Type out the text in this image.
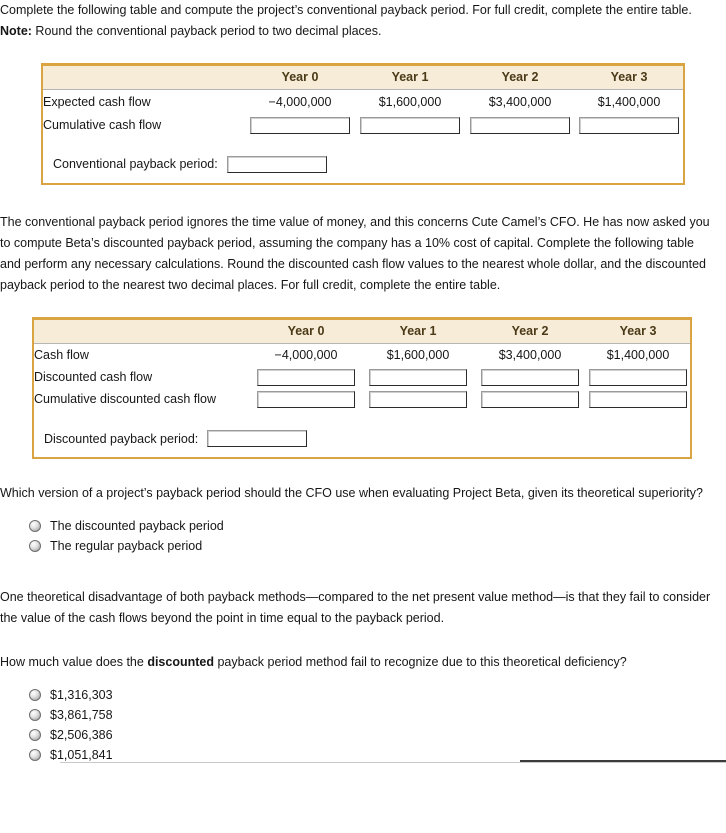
Complete the following table and compute the project’s conventional payback period. For full credit, complete the entire table. Note: Round the conventional payback period to two decimal places.

	Year 0	Year 1	Year 2	Year 3
Expected cash flow	−4,000,000	$1,600,000	$3,400,000	$1,400,000
Cumulative cash flow				
Conventional payback period:

The conventional payback period ignores the time value of money, and this concerns Cute Camel’s CFO. He has now asked you to compute Beta’s discounted payback period, assuming the company has a 10% cost of capital. Complete the following table and perform any necessary calculations. Round the discounted cash flow values to the nearest whole dollar, and the discounted payback period to the nearest two decimal places. For full credit, complete the entire table.

	Year 0	Year 1	Year 2	Year 3
Cash flow	−4,000,000	$1,600,000	$3,400,000	$1,400,000
Discounted cash flow				
Cumulative discounted cash flow				
Discounted payback period:

Which version of a project’s payback period should the CFO use when evaluating Project Beta, given its theoretical superiority?

The discounted payback period
The regular payback period

One theoretical disadvantage of both payback methods—compared to the net present value method—is that they fail to consider the value of the cash flows beyond the point in time equal to the payback period.

How much value does the discounted payback period method fail to recognize due to this theoretical deficiency?

$1,316,303
$3,861,758
$2,506,386
$1,051,841
